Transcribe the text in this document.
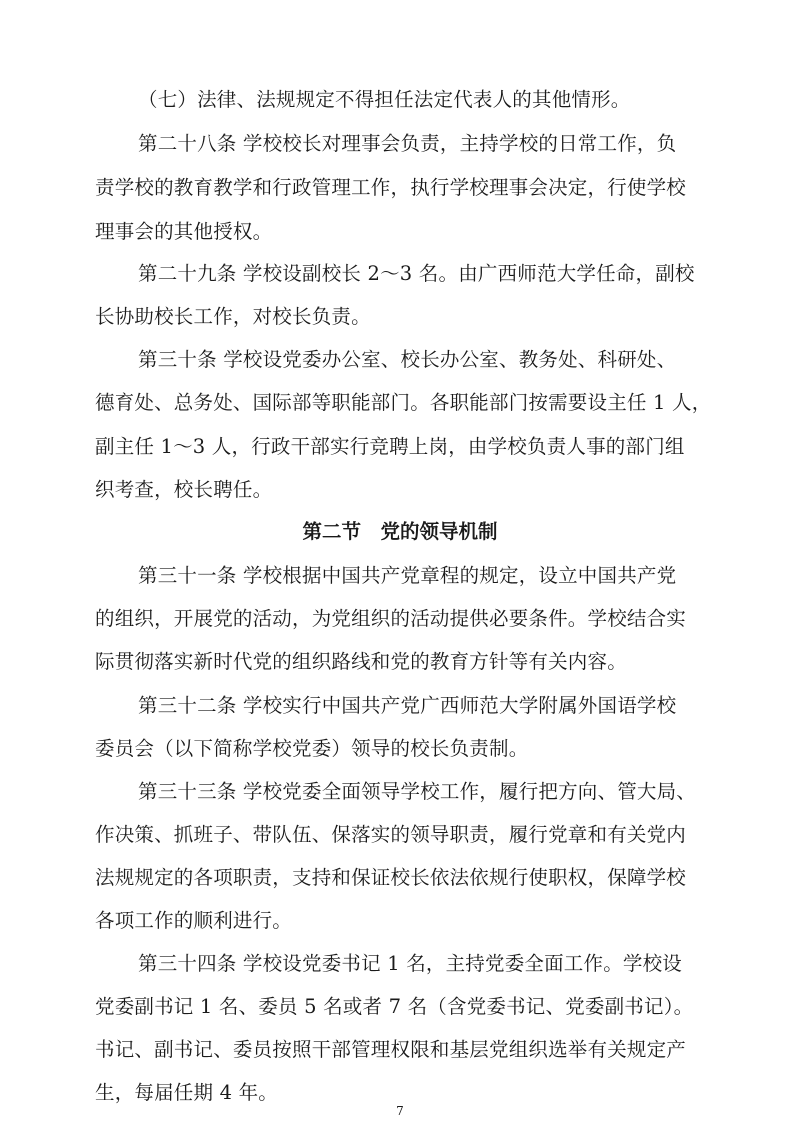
（七）法律、法规规定不得担任法定代表人的其他情形。
第二十八条 学校校长对理事会负责，主持学校的日常工作，负
责学校的教育教学和行政管理工作，执行学校理事会决定，行使学校
理事会的其他授权。
第二十九条 学校设副校长 2～3 名。由广西师范大学任命，副校
长协助校长工作，对校长负责。
第三十条 学校设党委办公室、校长办公室、教务处、科研处、
德育处、总务处、国际部等职能部门。各职能部门按需要设主任 1 人，
副主任 1～3 人，行政干部实行竞聘上岗，由学校负责人事的部门组
织考查，校长聘任。
第二节　党的领导机制
第三十一条 学校根据中国共产党章程的规定，设立中国共产党
的组织，开展党的活动，为党组织的活动提供必要条件。学校结合实
际贯彻落实新时代党的组织路线和党的教育方针等有关内容。
第三十二条 学校实行中国共产党广西师范大学附属外国语学校
委员会（以下简称学校党委）领导的校长负责制。
第三十三条 学校党委全面领导学校工作，履行把方向、管大局、
作决策、抓班子、带队伍、保落实的领导职责，履行党章和有关党内
法规规定的各项职责，支持和保证校长依法依规行使职权，保障学校
各项工作的顺利进行。
第三十四条 学校设党委书记 1 名，主持党委全面工作。学校设
党委副书记 1 名、委员 5 名或者 7 名（含党委书记、党委副书记）。
书记、副书记、委员按照干部管理权限和基层党组织选举有关规定产
生，每届任期 4 年。
7
